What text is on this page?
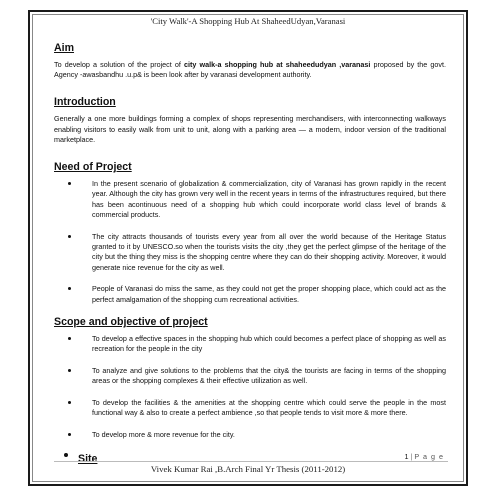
'City Walk'-A Shopping Hub At ShaheedUdyan,Varanasi
Aim

To develop a solution of the project of city walk-a shopping hub at shaheedudyan ,varanasi proposed by the govt. Agency -awasbandhu .u.p& is been look after by varanasi development authority.

Introduction

Generally a one more buildings forming a complex of shops representing merchandisers, with interconnecting walkways enabling visitors to easily walk from unit to unit, along with a parking area — a modern, indoor version of the traditional marketplace.

Need of Project
In the present scenario of globalization & commercialization, city of Varanasi has grown rapidly in the recent year. Although the city has grown very well in the recent years in terms of the infrastructures required, but there has been acontinuous need of a shopping hub which could incorporate world class level of brands & commercial products.
The city attracts thousands of tourists every year from all over the world because of the Heritage Status granted to it by UNESCO.so when the tourists visits the city ,they get the perfect glimpse of the heritage of the city but the thing they miss is the shopping centre where they can do their shopping activity. Moreover, it would generate nice revenue for the city as well.
People of Varanasi do miss the same, as they could not get the proper shopping place, which could act as the perfect amalgamation of the shopping cum recreational activities.
Scope and objective of project
To develop a effective spaces in the shopping hub which could becomes a perfect place of shopping as well as recreation for the people in the city
To analyze and give solutions to the problems that the city& the tourists are facing in terms of the shopping areas or the shopping complexes & their effective utilization as well.
To develop the facilities & the amenities at the shopping centre which could serve the people in the most functional way & also to create a perfect ambience ,so that people tends to visit more & more there.
To develop more & more revenue for the city.
Site	1 | P a g e
Vivek Kumar Rai ,B.Arch Final Yr Thesis (2011-2012)
